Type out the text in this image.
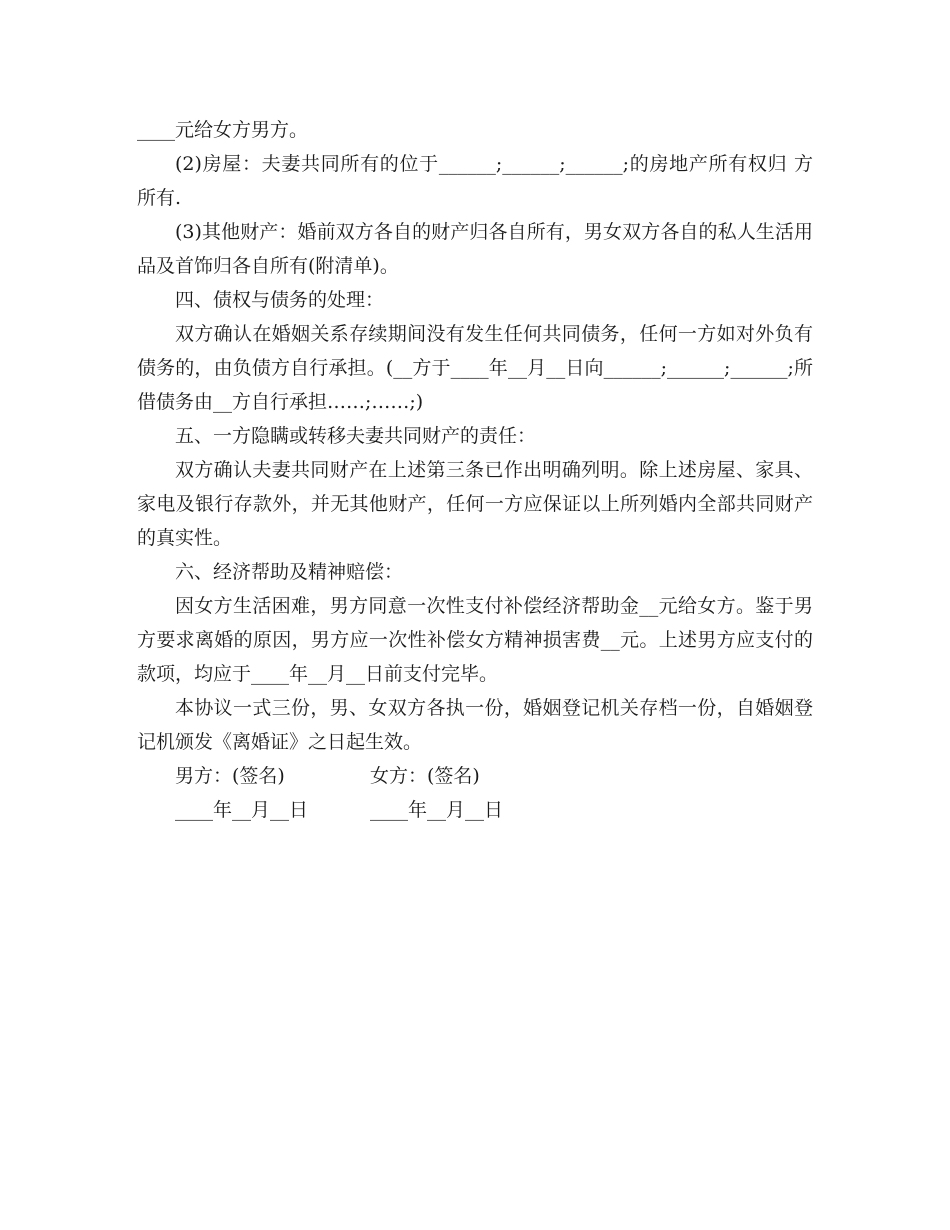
____元给女方男方。

(2)房屋：夫妻共同所有的位于______;______;______;的房地产所有权归 方所有.

(3)其他财产：婚前双方各自的财产归各自所有，男女双方各自的私人生活用品及首饰归各自所有(附清单)。

四、债权与债务的处理：

双方确认在婚姻关系存续期间没有发生任何共同债务，任何一方如对外负有债务的，由负债方自行承担。(__方于____年__月__日向______;______;______;所借债务由__方自行承担……;……;)

五、一方隐瞒或转移夫妻共同财产的责任：

双方确认夫妻共同财产在上述第三条已作出明确列明。除上述房屋、家具、家电及银行存款外，并无其他财产，任何一方应保证以上所列婚内全部共同财产的真实性。

六、经济帮助及精神赔偿：

因女方生活困难，男方同意一次性支付补偿经济帮助金__元给女方。鉴于男方要求离婚的原因，男方应一次性补偿女方精神损害费__元。上述男方应支付的款项，均应于____年__月__日前支付完毕。

本协议一式三份，男、女双方各执一份，婚姻登记机关存档一份，自婚姻登记机颁发《离婚证》之日起生效。

男方：(签名)	女方：(签名)
____年__月__日	____年__月__日
